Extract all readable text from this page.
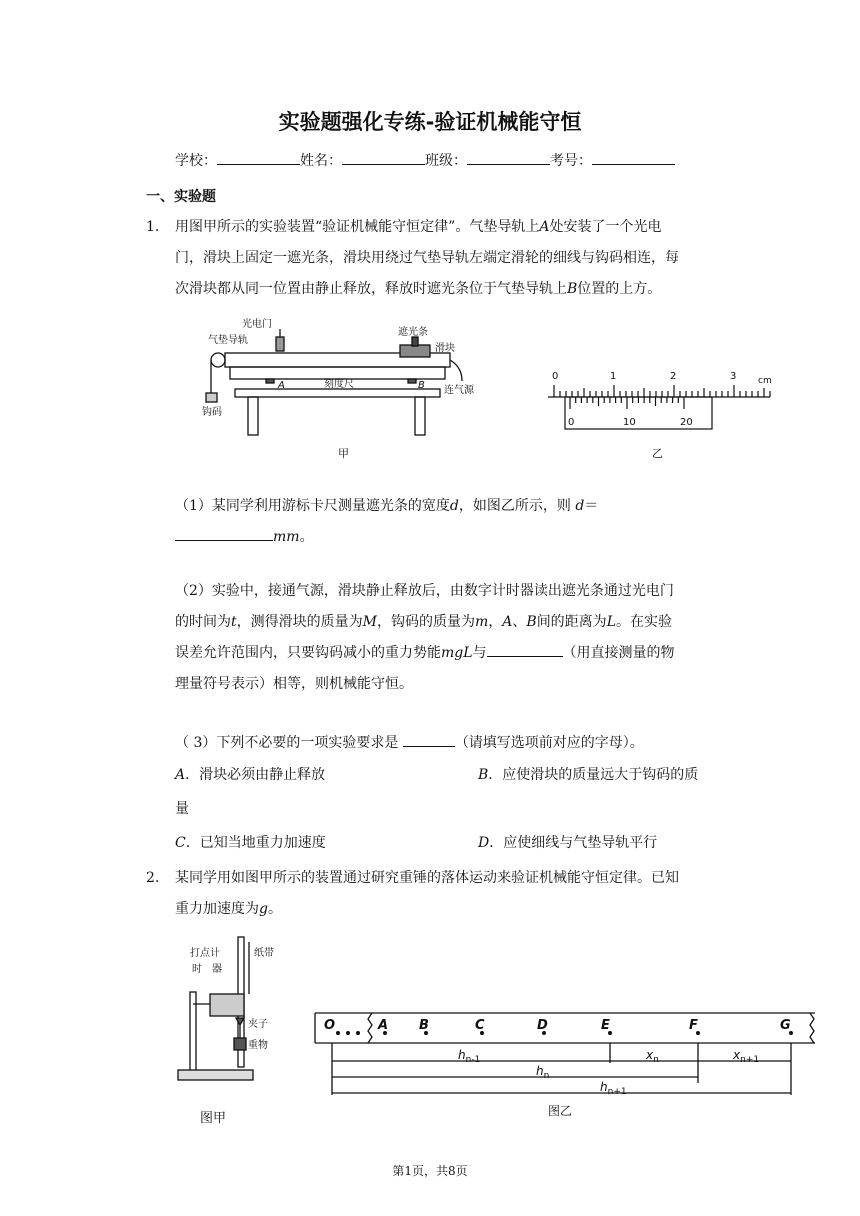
实验题强化专练-验证机械能守恒
学校：	姓名：	班级：	考号：
一、实验题
1. 用图甲所示的实验装置“验证机械能守恒定律”。气垫导轨上A处安装了一个光电
门，滑块上固定一遮光条，滑块用绕过气垫导轨左端定滑轮的细线与钩码相连，每
次滑块都从同一位置由静止释放，释放时遮光条位于气垫导轨上B位置的上方。
光电门
气垫导轨
遮光条
滑块
刻度尺
连气源
钩码
A	B
甲
0	1	2	3 cm
0	10	20
乙
（1）某同学利用游标卡尺测量遮光条的宽度d，如图乙所示，则 d＝
mm。
（2）实验中，接通气源，滑块静止释放后，由数字计时器读出遮光条通过光电门
的时间为t，测得滑块的质量为M，钩码的质量为m，A、B间的距离为L。在实验
误差允许范围内，只要钩码减小的重力势能mgL与	（用直接测量的物
理量符号表示）相等，则机械能守恒。
（ 3）下列不必要的一项实验要求是	（请填写选项前对应的字母）。
A．滑块必须由静止释放	B．应使滑块的质量远大于钩码的质
量
C．已知当地重力加速度	D．应使细线与气垫导轨平行
2. 某同学用如图甲所示的装置通过研究重锤的落体运动来验证机械能守恒定律。已知
重力加速度为g。
打点计
时　器
纸带
夹子
重物
图甲
O	A B	C	D	E	F	G
$h_{n-1}$
$h_n$
$h_{n+1}$
$x_n$	$x_{n+1}$
图乙
第1页，共8页
